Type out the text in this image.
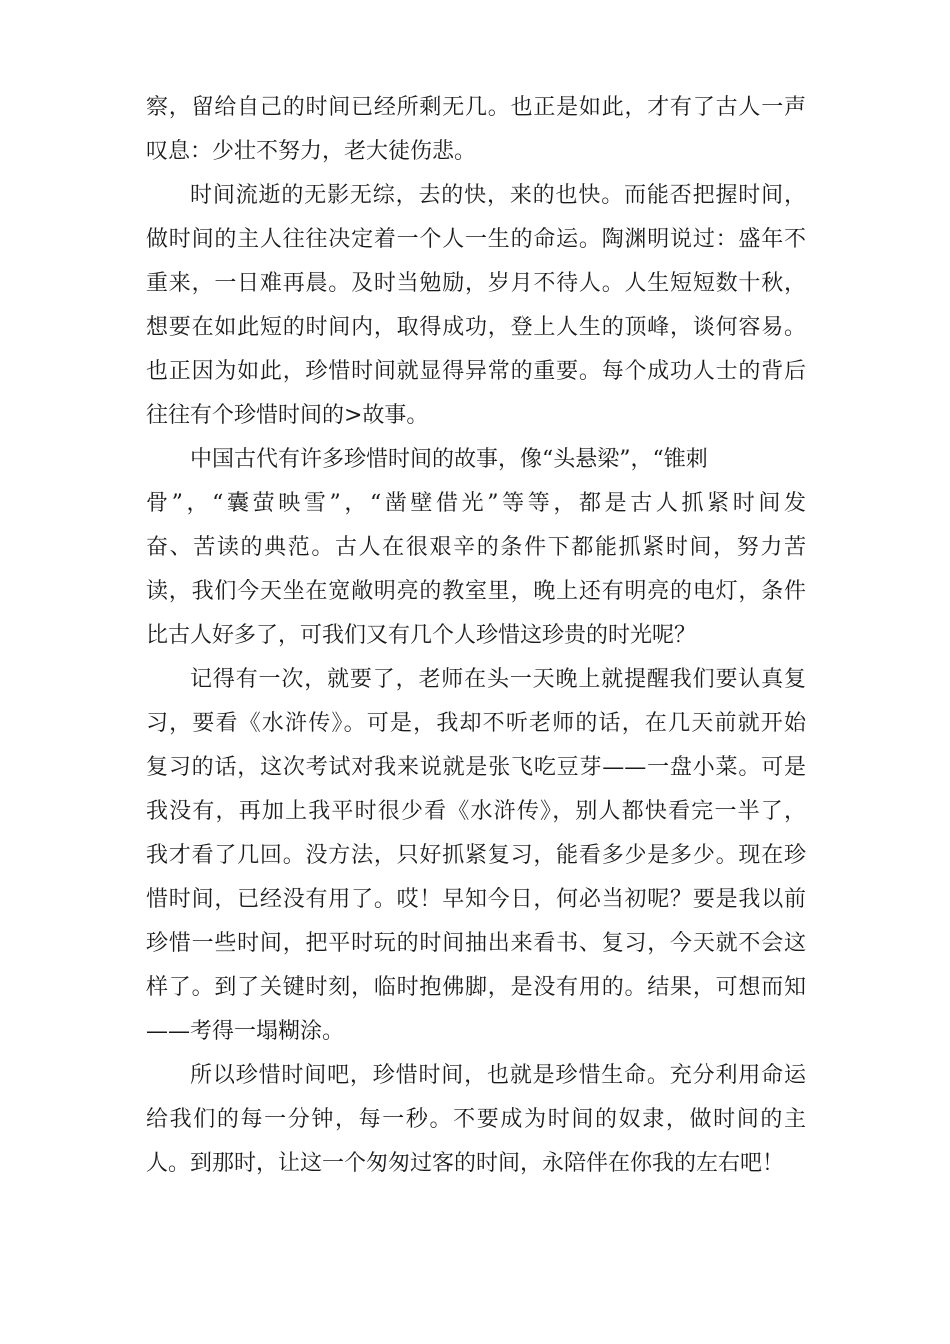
察，留给自己的时间已经所剩无几。也正是如此，才有了古人一声
叹息：少壮不努力，老大徒伤悲。
时间流逝的无影无综，去的快，来的也快。而能否把握时间，
做时间的主人往往决定着一个人一生的命运。陶渊明说过：盛年不
重来，一日难再晨。及时当勉励，岁月不待人。人生短短数十秋，
想要在如此短的时间内，取得成功，登上人生的顶峰，谈何容易。
也正因为如此，珍惜时间就显得异常的重要。每个成功人士的背后
往往有个珍惜时间的>故事。
中国古代有许多珍惜时间的故事，像“头悬梁”，“锥刺
骨”，“囊萤映雪”，“凿壁借光”等等，都是古人抓紧时间发
奋、苦读的典范。古人在很艰辛的条件下都能抓紧时间，努力苦
读，我们今天坐在宽敞明亮的教室里，晚上还有明亮的电灯，条件
比古人好多了，可我们又有几个人珍惜这珍贵的时光呢？
记得有一次，就要了，老师在头一天晚上就提醒我们要认真复
习，要看《水浒传》。可是，我却不听老师的话，在几天前就开始
复习的话，这次考试对我来说就是张飞吃豆芽——一盘小菜。可是
我没有，再加上我平时很少看《水浒传》，别人都快看完一半了，
我才看了几回。没方法，只好抓紧复习，能看多少是多少。现在珍
惜时间，已经没有用了。哎！早知今日，何必当初呢？要是我以前
珍惜一些时间，把平时玩的时间抽出来看书、复习，今天就不会这
样了。到了关键时刻，临时抱佛脚，是没有用的。结果，可想而知
——考得一塌糊涂。
所以珍惜时间吧，珍惜时间，也就是珍惜生命。充分利用命运
给我们的每一分钟，每一秒。不要成为时间的奴隶，做时间的主
人。到那时，让这一个匆匆过客的时间，永陪伴在你我的左右吧！
